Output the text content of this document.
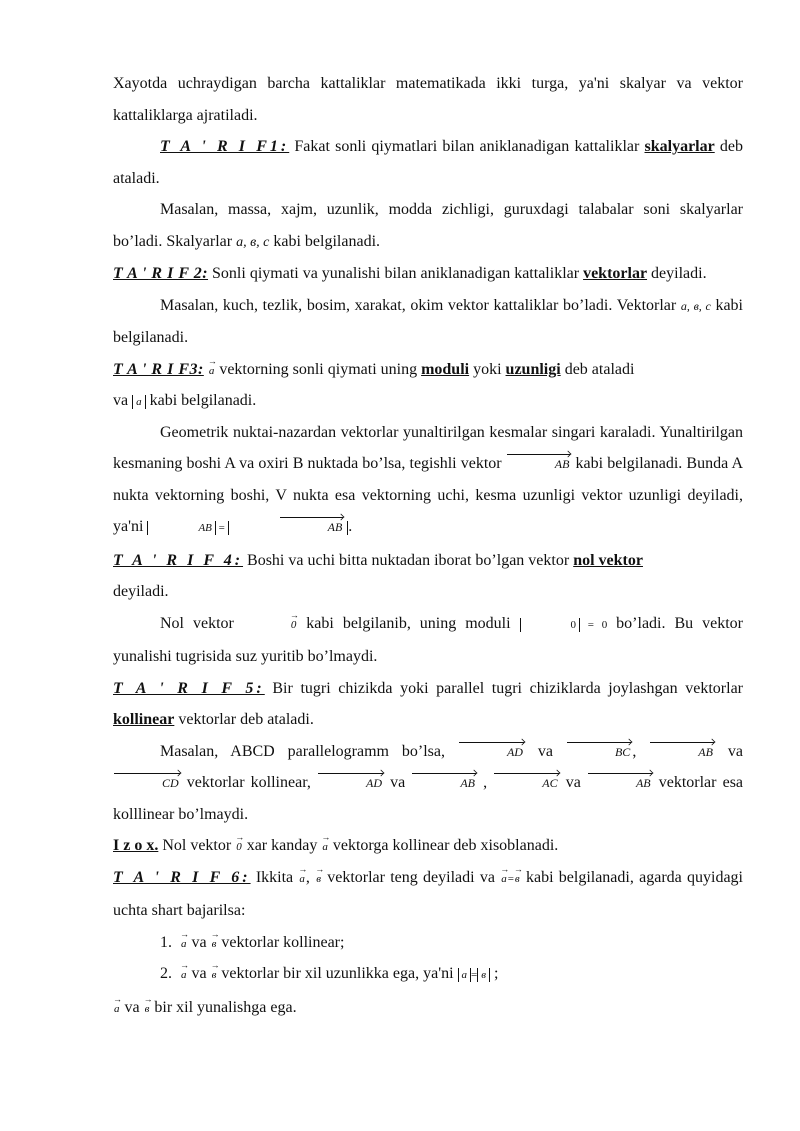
Xayotda uchraydigan barcha kattaliklar matematikada ikki turga, ya'ni skalyar va vektor kattaliklarga ajratiladi.

T A ' R I F1: Fakat sonli qiymatlari bilan aniklanadigan kattaliklar skalyarlar deb ataladi.

Masalan, massa, xajm, uzunlik, modda zichligi, guruxdagi talabalar soni skalyarlar bo’ladi. Skalyarlar a, в, c kabi belgilanadi.

T A ' R I F 2: Sonli qiymati va yunalishi bilan aniklanadigan kattaliklar vektorlar deyiladi.

Masalan, kuch, tezlik, bosim, xarakat, okim vektor kattaliklar bo’ladi. Vektorlar a, в, c kabi belgilanadi.

T A ' R I F3: → a vektorning sonli qiymati uning moduli yoki uzunligi deb ataladi
va a kabi belgilanadi.

Geometrik nuktai-nazardan vektorlar yunaltirilgan kesmalar singari karaladi. Yunaltirilgan kesmaning boshi A va oxiri B nuktada bo’lsa, tegishli vektor	AB kabi belgilanadi. Bunda A nukta vektorning boshi, V nukta esa vektorning uchi, kesma uzunligi vektor uzunligi deyiladi, ya'ni	AB =	AB .

T A ' R I F 4: Boshi va uchi bitta nuktadan iborat bo’lgan vektor nol vektor
deyiladi.

Nol vektor	→ 0 kabi belgilanib, uning moduli	0 = 0 bo’ladi. Bu vektor yunalishi tugrisida suz yuritib bo’lmaydi.

T A ' R I F 5: Bir tugri chizikda yoki parallel tugri chiziklarda joylashgan vektorlar kollinear vektorlar deb ataladi.

Masalan, ABCD parallelogramm bo’lsa,	AD va	BC ,	AB va CD vektorlar kollinear,	AD va	AB ,	AC va	AB vektorlar esa kolllinear bo’lmaydi.

I z o x. Nol vektor → 0 xar kanday → a vektorga kollinear deb xisoblanadi.

T A ' R I F 6: Ikkita → a, → в vektorlar teng deyiladi va → a=→ в kabi belgilanadi, agarda quyidagi uchta shart bajarilsa:

1. → a va → в vektorlar kollinear;
2. → a va → в vektorlar bir xil uzunlikka ega, ya'ni a = в ;

→ a va → в bir xil yunalishga ega.
